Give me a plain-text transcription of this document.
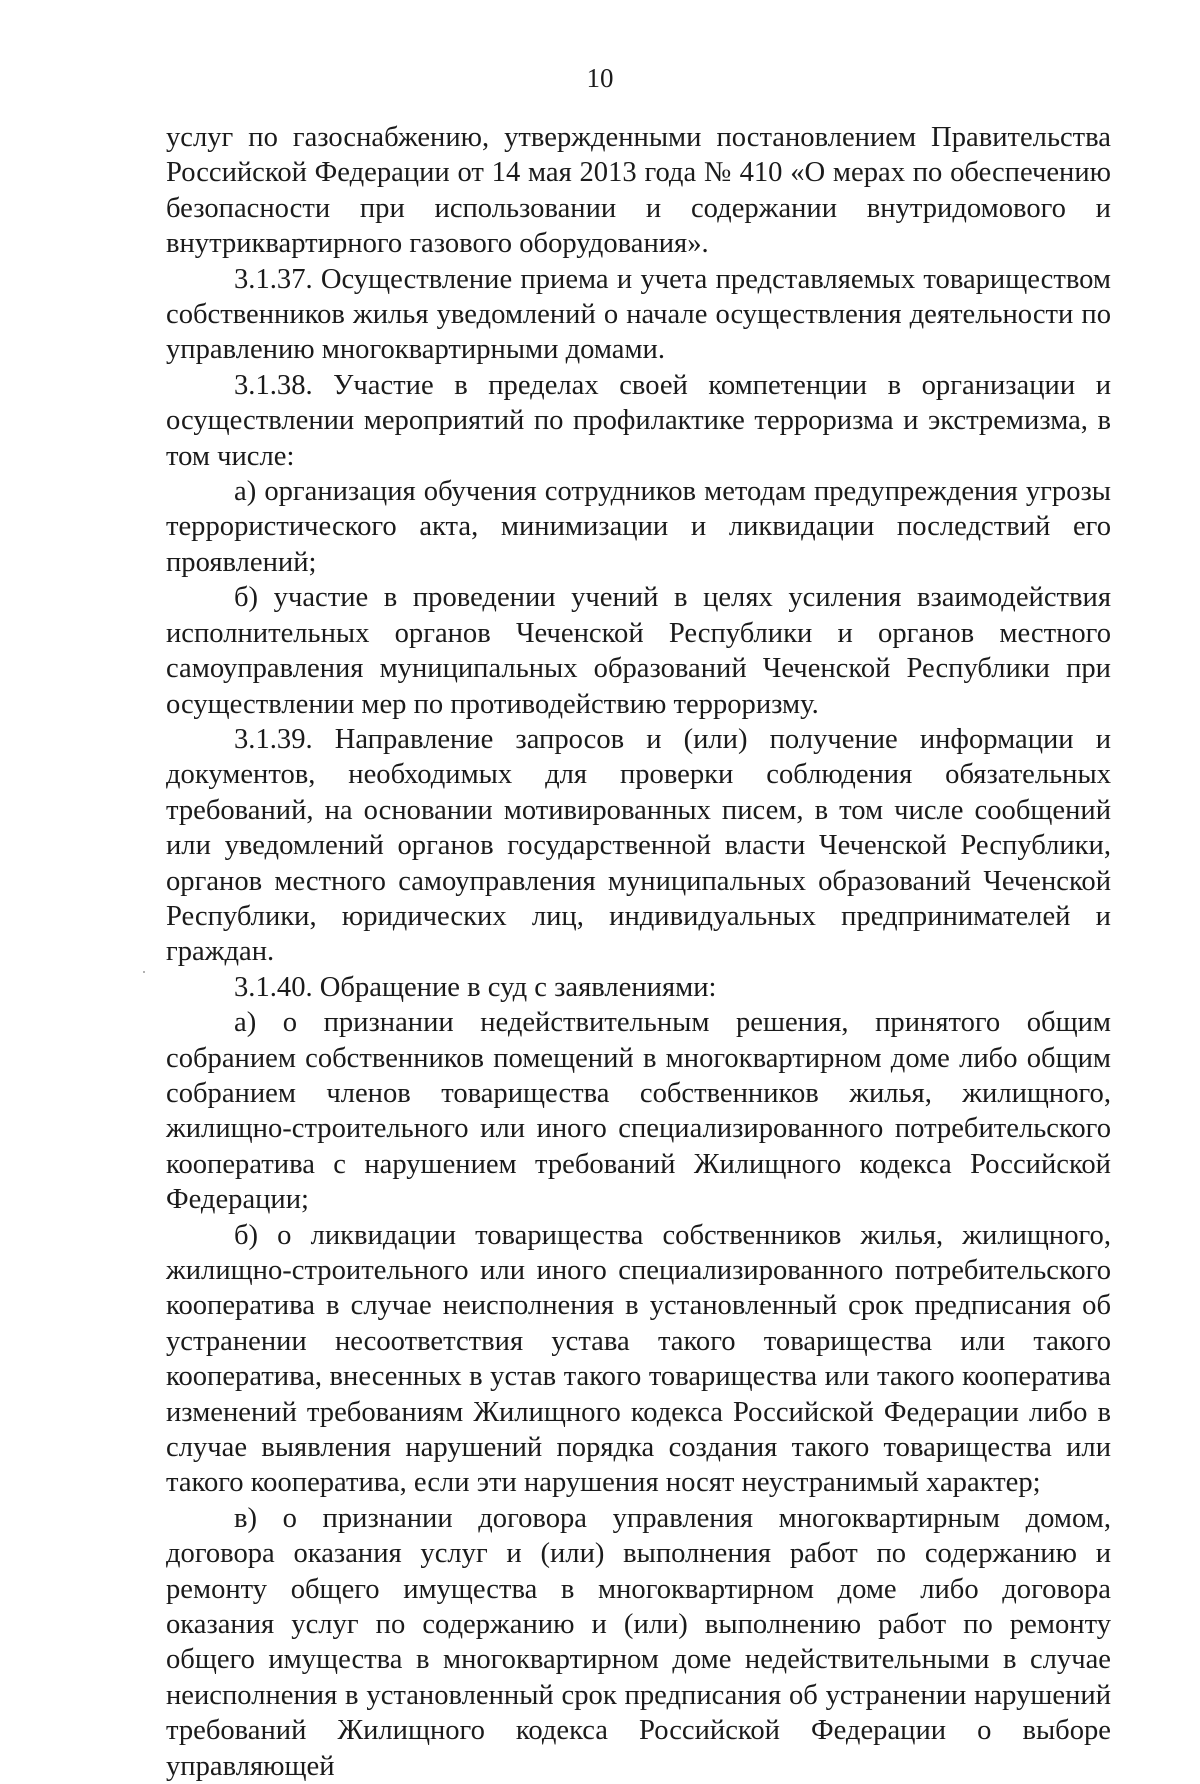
10

услуг по газоснабжению, утвержденными постановлением Правительства Российской Федерации от 14 мая 2013 года № 410 «О мерах по обеспечению безопасности при использовании и содержании внутридомового и внутриквартирного газового оборудования».

3.1.37. Осуществление приема и учета представляемых товариществом собственников жилья уведомлений о начале осуществления деятельности по управлению многоквартирными домами.

3.1.38. Участие в пределах своей компетенции в организации и осуществлении мероприятий по профилактике терроризма и экстремизма, в том числе:

а) организация обучения сотрудников методам предупреждения угрозы террористического акта, минимизации и ликвидации последствий его проявлений;

б) участие в проведении учений в целях усиления взаимодействия исполнительных органов Чеченской Республики и органов местного самоуправления муниципальных образований Чеченской Республики при осуществлении мер по противодействию терроризму.

3.1.39. Направление запросов и (или) получение информации и документов, необходимых для проверки соблюдения обязательных требований, на основании мотивированных писем, в том числе сообщений или уведомлений органов государственной власти Чеченской Республики, органов местного самоуправления муниципальных образований Чеченской Республики, юридических лиц, индивидуальных предпринимателей и граждан.

3.1.40. Обращение в суд с заявлениями:

а) о признании недействительным решения, принятого общим собранием собственников помещений в многоквартирном доме либо общим собранием членов товарищества собственников жилья, жилищного, жилищно-строительного или иного специализированного потребительского кооператива с нарушением требований Жилищного кодекса Российской Федерации;

б) о ликвидации товарищества собственников жилья, жилищного, жилищно-строительного или иного специализированного потребительского кооператива в случае неисполнения в установленный срок предписания об устранении несоответствия устава такого товарищества или такого кооператива, внесенных в устав такого товарищества или такого кооператива изменений требованиям Жилищного кодекса Российской Федерации либо в случае выявления нарушений порядка создания такого товарищества или такого кооператива, если эти нарушения носят неустранимый характер;

в) о признании договора управления многоквартирным домом, договора оказания услуг и (или) выполнения работ по содержанию и ремонту общего имущества в многоквартирном доме либо договора оказания услуг по содержанию и (или) выполнению работ по ремонту общего имущества в многоквартирном доме недействительными в случае неисполнения в установленный срок предписания об устранении нарушений требований Жилищного кодекса Российской Федерации о выборе управляющей
